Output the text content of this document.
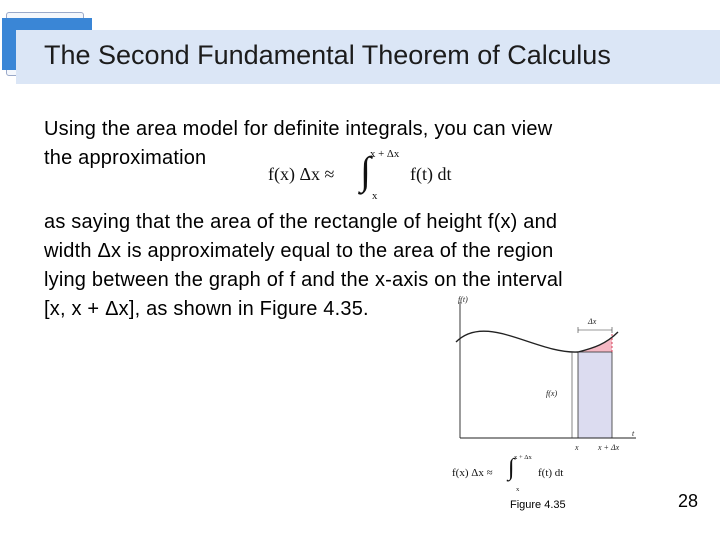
The Second Fundamental Theorem of Calculus
Using the area model for definite integrals, you can view
the approximation
f(x) Δx ≈ ∫ x + Δx
x
f(t) dt
as saying that the area of the rectangle of height f(x) and
width Δx is approximately equal to the area of the region
lying between the graph of f and the x-axis on the interval
[x, x + Δx], as shown in Figure 4.35.	f(t)
t
f(x)
Δx
x x + Δx
f(x) Δx ≈ ∫ x + Δx
x
f(t) dt
Figure 4.35	28
